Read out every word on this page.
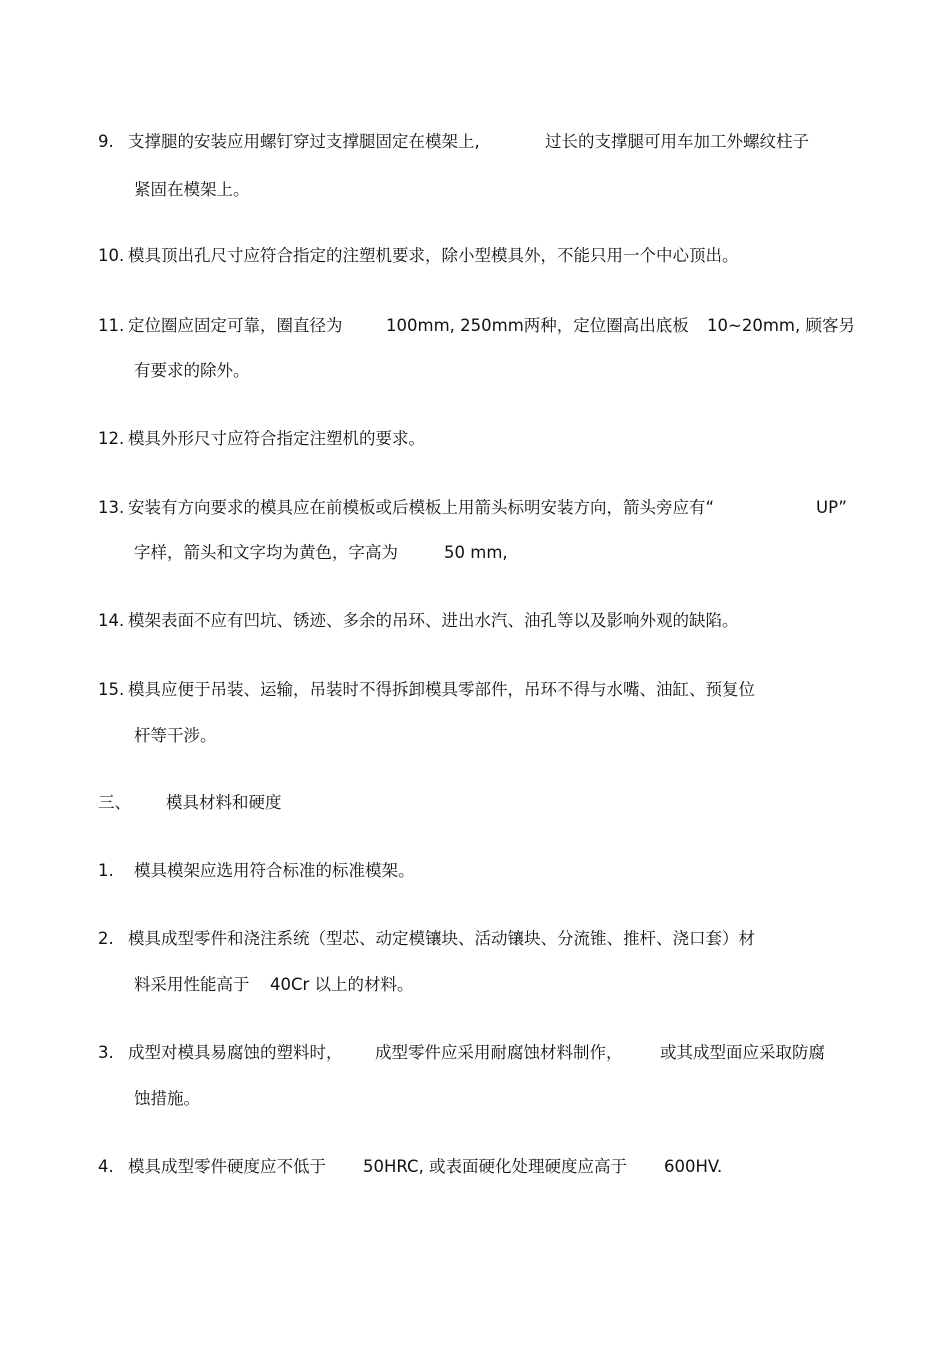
9. 支撑腿的安装应用螺钉穿过支撑腿固定在模架上,	过长的支撑腿可用车加工外螺纹柱子
紧固在模架上。
10. 模具顶出孔尺寸应符合指定的注塑机要求，除小型模具外，不能只用一个中心顶出。
11. 定位圈应固定可靠，圈直径为	100mm, 250mm两种，定位圈高出底板 10~20mm, 顾客另
有要求的除外。
12. 模具外形尺寸应符合指定注塑机的要求。
13. 安装有方向要求的模具应在前模板或后模板上用箭头标明安装方向，箭头旁应有“	UP”
字样，箭头和文字均为黄色，字高为	50 mm,
14. 模架表面不应有凹坑、锈迹、多余的吊环、进出水汽、油孔等以及影响外观的缺陷。
15. 模具应便于吊装、运输，吊装时不得拆卸模具零部件，吊环不得与水嘴、油缸、预复位
杆等干涉。
三、 模具材料和硬度
1. 模具模架应选用符合标准的标准模架。
2. 模具成型零件和浇注系统（型芯、动定模镶块、活动镶块、分流锥、推杆、浇口套）材
料采用性能高于 40Cr 以上的材料。
3. 成型对模具易腐蚀的塑料时， 成型零件应采用耐腐蚀材料制作， 或其成型面应采取防腐
蚀措施。
4. 模具成型零件硬度应不低于 50HRC, 或表面硬化处理硬度应高于 600HV.
